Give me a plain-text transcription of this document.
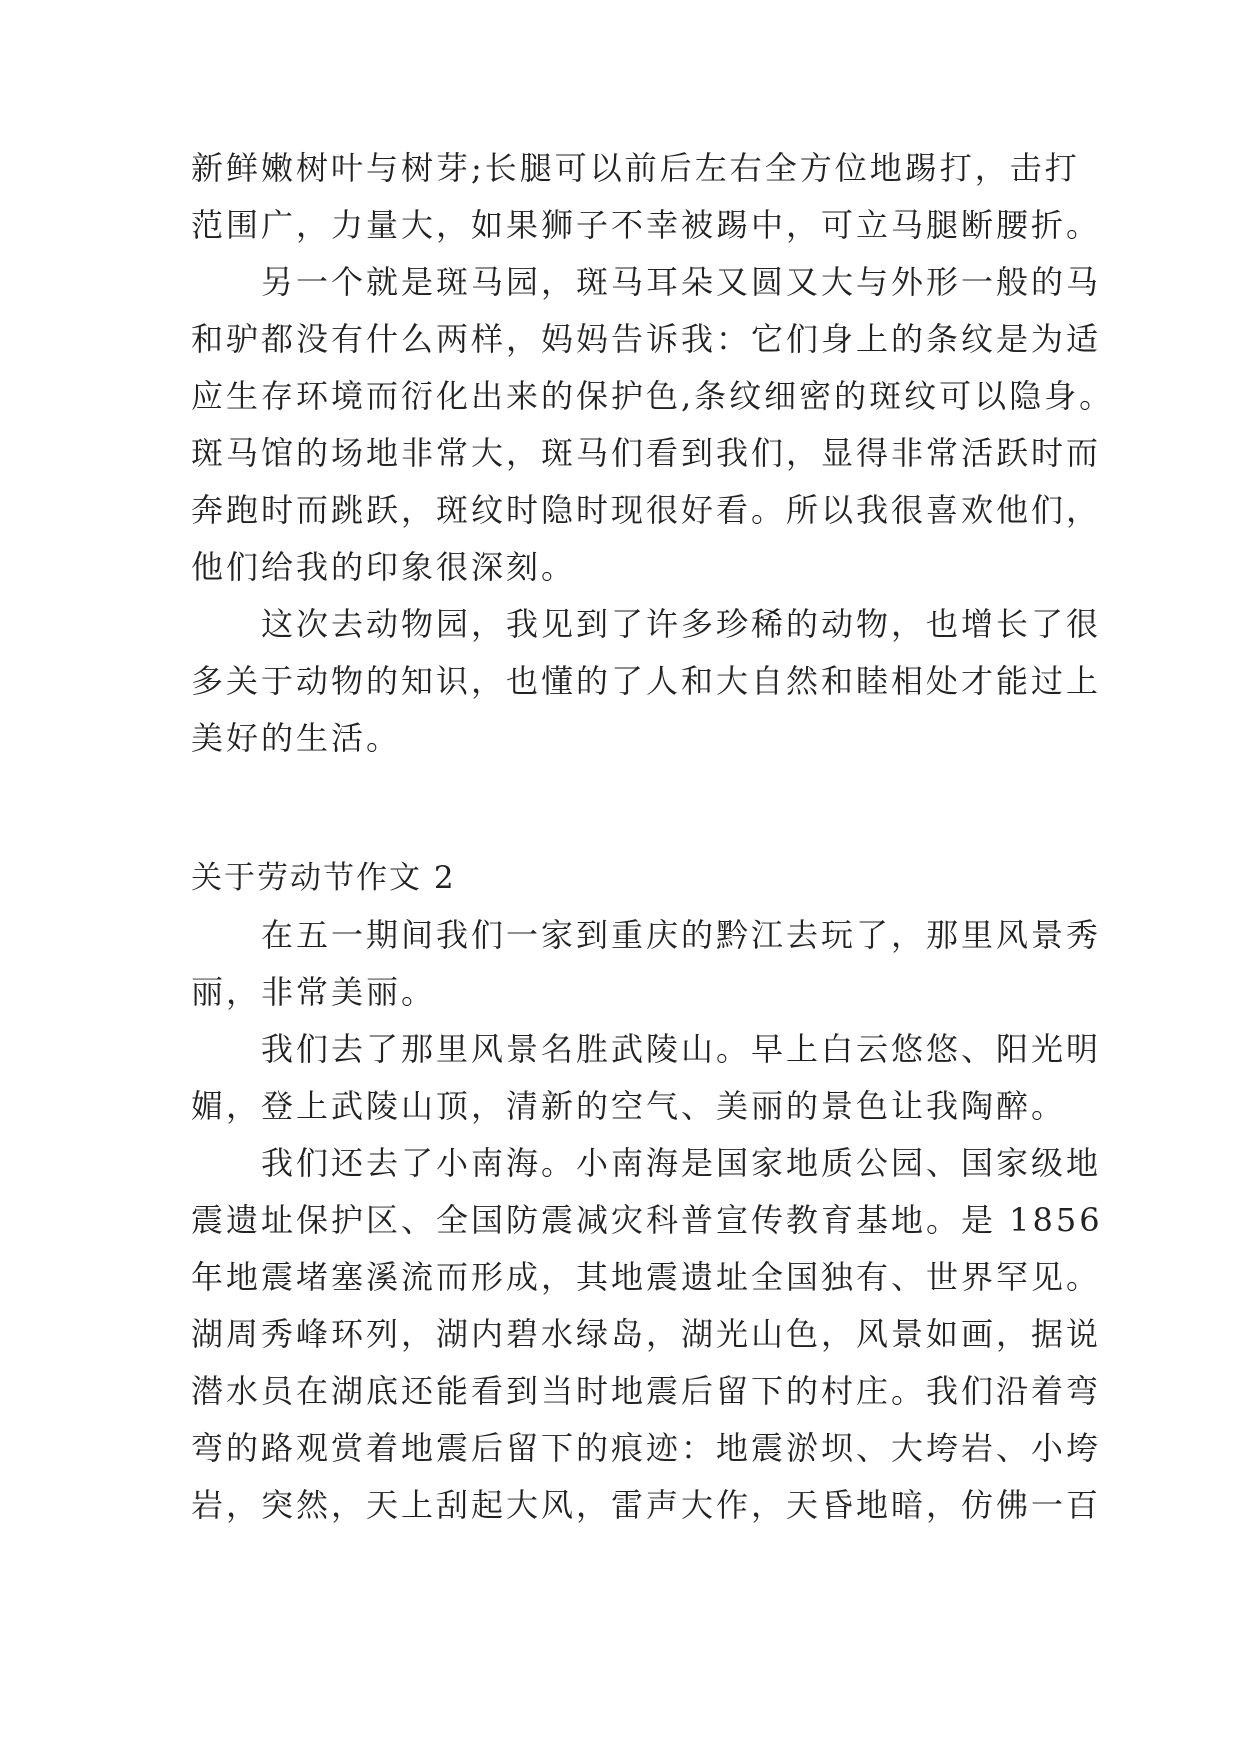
新鲜嫩树叶与树芽;长腿可以前后左右全方位地踢打，击打
范围广，力量大，如果狮子不幸被踢中，可立马腿断腰折。
　　另一个就是斑马园，斑马耳朵又圆又大与外形一般的马
和驴都没有什么两样，妈妈告诉我：它们身上的条纹是为适
应生存环境而衍化出来的保护色,条纹细密的斑纹可以隐身。
斑马馆的场地非常大，斑马们看到我们，显得非常活跃时而
奔跑时而跳跃，斑纹时隐时现很好看。所以我很喜欢他们，
他们给我的印象很深刻。
　　这次去动物园，我见到了许多珍稀的动物，也增长了很
多关于动物的知识，也懂的了人和大自然和睦相处才能过上
美好的生活。
关于劳动节作文 2
　　在五一期间我们一家到重庆的黔江去玩了，那里风景秀
丽，非常美丽。
　　我们去了那里风景名胜武陵山。早上白云悠悠、阳光明
媚，登上武陵山顶，清新的空气、美丽的景色让我陶醉。
　　我们还去了小南海。小南海是国家地质公园、国家级地
震遗址保护区、全国防震减灾科普宣传教育基地。是 1856
年地震堵塞溪流而形成，其地震遗址全国独有、世界罕见。
湖周秀峰环列，湖内碧水绿岛，湖光山色，风景如画，据说
潜水员在湖底还能看到当时地震后留下的村庄。我们沿着弯
弯的路观赏着地震后留下的痕迹：地震淤坝、大垮岩、小垮
岩，突然，天上刮起大风，雷声大作，天昏地暗，仿佛一百
